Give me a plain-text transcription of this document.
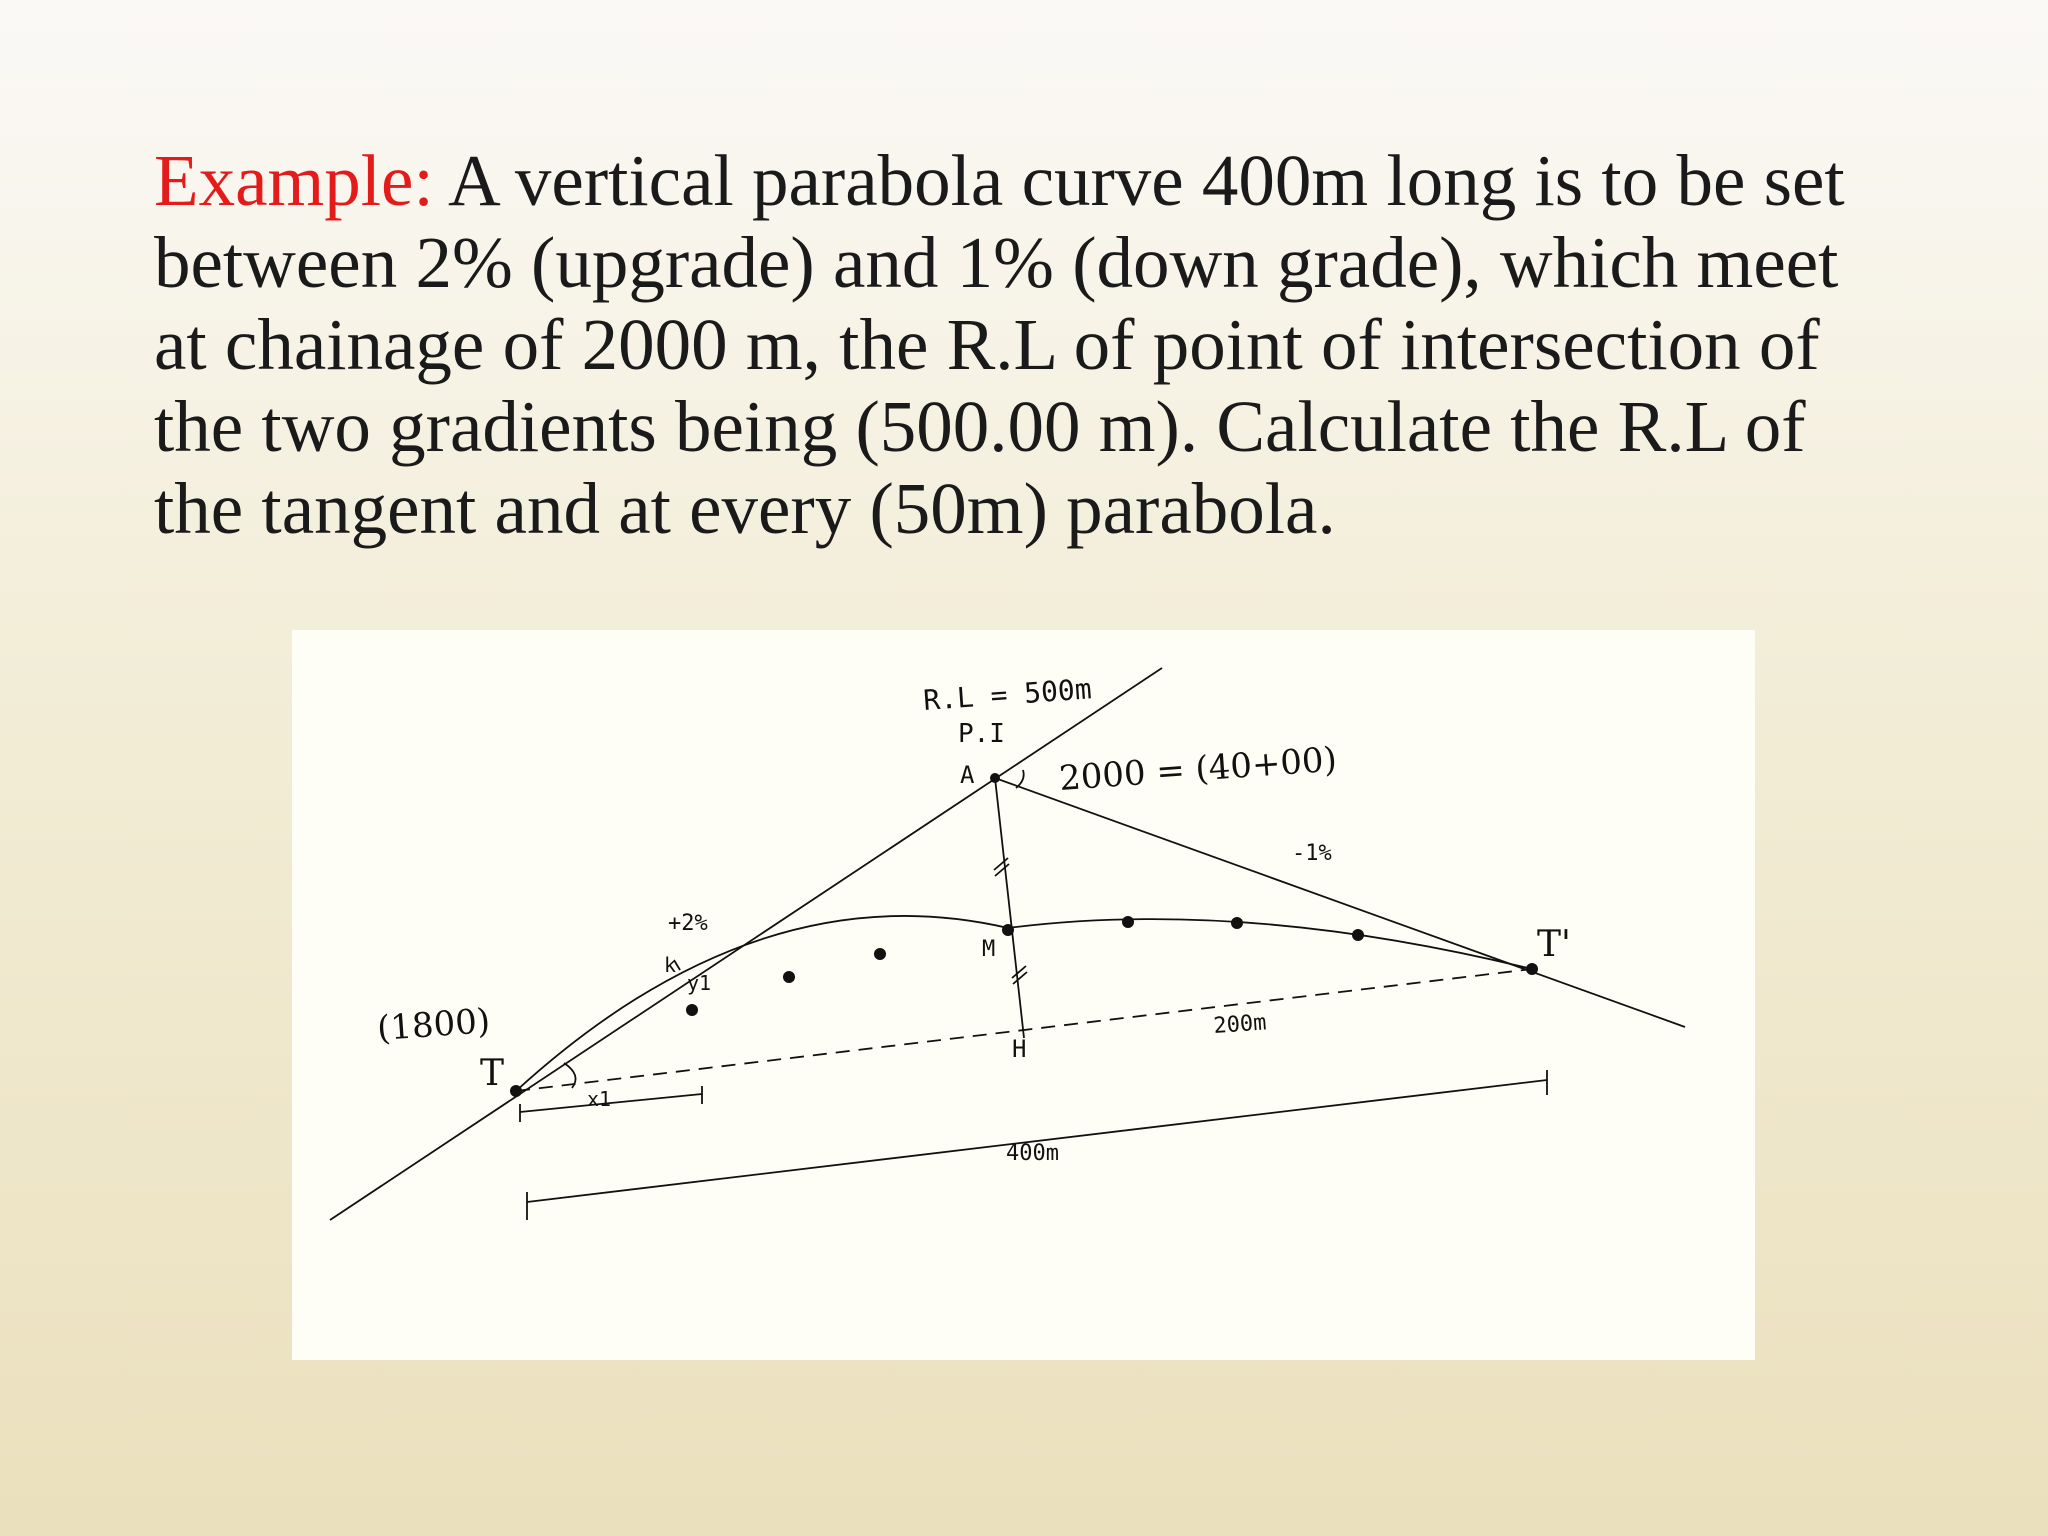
Example: A vertical parabola curve 400m long is to be set
between 2% (upgrade) and 1% (down grade), which meet
at chainage of 2000 m, the R.L of point of intersection of
the two gradients being (500.00 m). Calculate the R.L of
the tangent and at every (50m) parabola.
R.L = 500m
P.I
A 2000 = (40+00)
-1%
+2%
T'
M
k
y1
(1800)
T
x1
H
200m
400m
